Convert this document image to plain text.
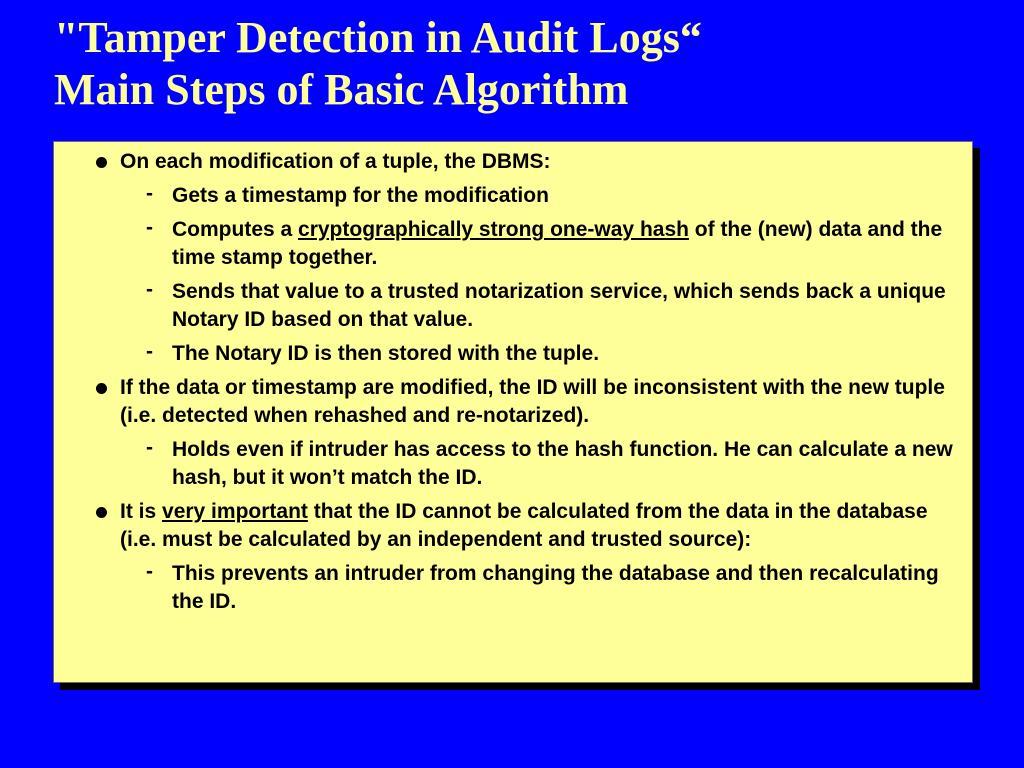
"Tamper Detection in Audit Logs“
Main Steps of Basic Algorithm
On each modification of a tuple, the DBMS:
- Gets a timestamp for the modification
- Computes a cryptographically strong one-way hash of the (new) data and the time stamp together.
- Sends that value to a trusted notarization service, which sends back a unique Notary ID based on that value.
- The Notary ID is then stored with the tuple.
If the data or timestamp are modified, the ID will be inconsistent with the new tuple (i.e. detected when rehashed and re-notarized).
- Holds even if intruder has access to the hash function. He can calculate a new hash, but it won’t match the ID.
It is very important that the ID cannot be calculated from the data in the database (i.e. must be calculated by an independent and trusted source):
- This prevents an intruder from changing the database and then recalculating the ID.
